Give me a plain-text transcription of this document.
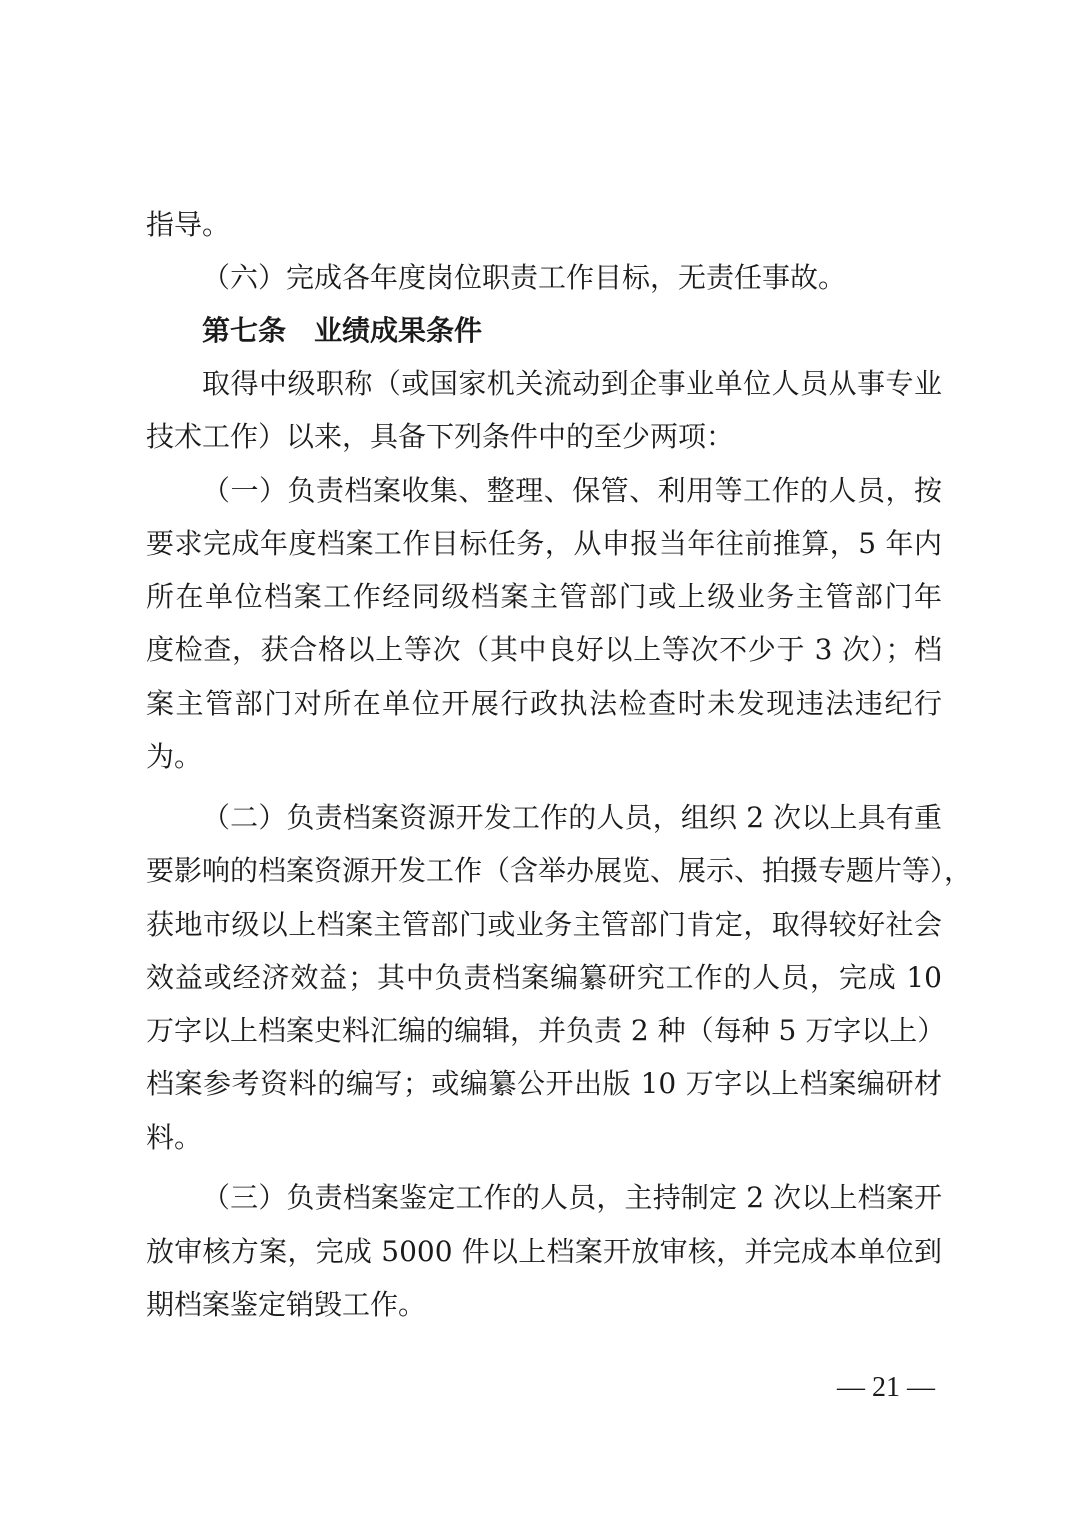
指导。
（六）完成各年度岗位职责工作目标，无责任事故。
第七条　业绩成果条件
取得中级职称（或国家机关流动到企事业单位人员从事专业
技术工作）以来，具备下列条件中的至少两项：
（一）负责档案收集、整理、保管、利用等工作的人员，按
要求完成年度档案工作目标任务，从申报当年往前推算，5 年内
所在单位档案工作经同级档案主管部门或上级业务主管部门年
度检查，获合格以上等次（其中良好以上等次不少于 3 次）；档
案主管部门对所在单位开展行政执法检查时未发现违法违纪行
为。
（二）负责档案资源开发工作的人员，组织 2 次以上具有重
要影响的档案资源开发工作（含举办展览、展示、拍摄专题片等），
获地市级以上档案主管部门或业务主管部门肯定，取得较好社会
效益或经济效益；其中负责档案编纂研究工作的人员，完成 10
万字以上档案史料汇编的编辑，并负责 2 种（每种 5 万字以上）
档案参考资料的编写；或编纂公开出版 10 万字以上档案编研材
料。
（三）负责档案鉴定工作的人员，主持制定 2 次以上档案开
放审核方案，完成 5000 件以上档案开放审核，并完成本单位到
期档案鉴定销毁工作。
— 21 —
